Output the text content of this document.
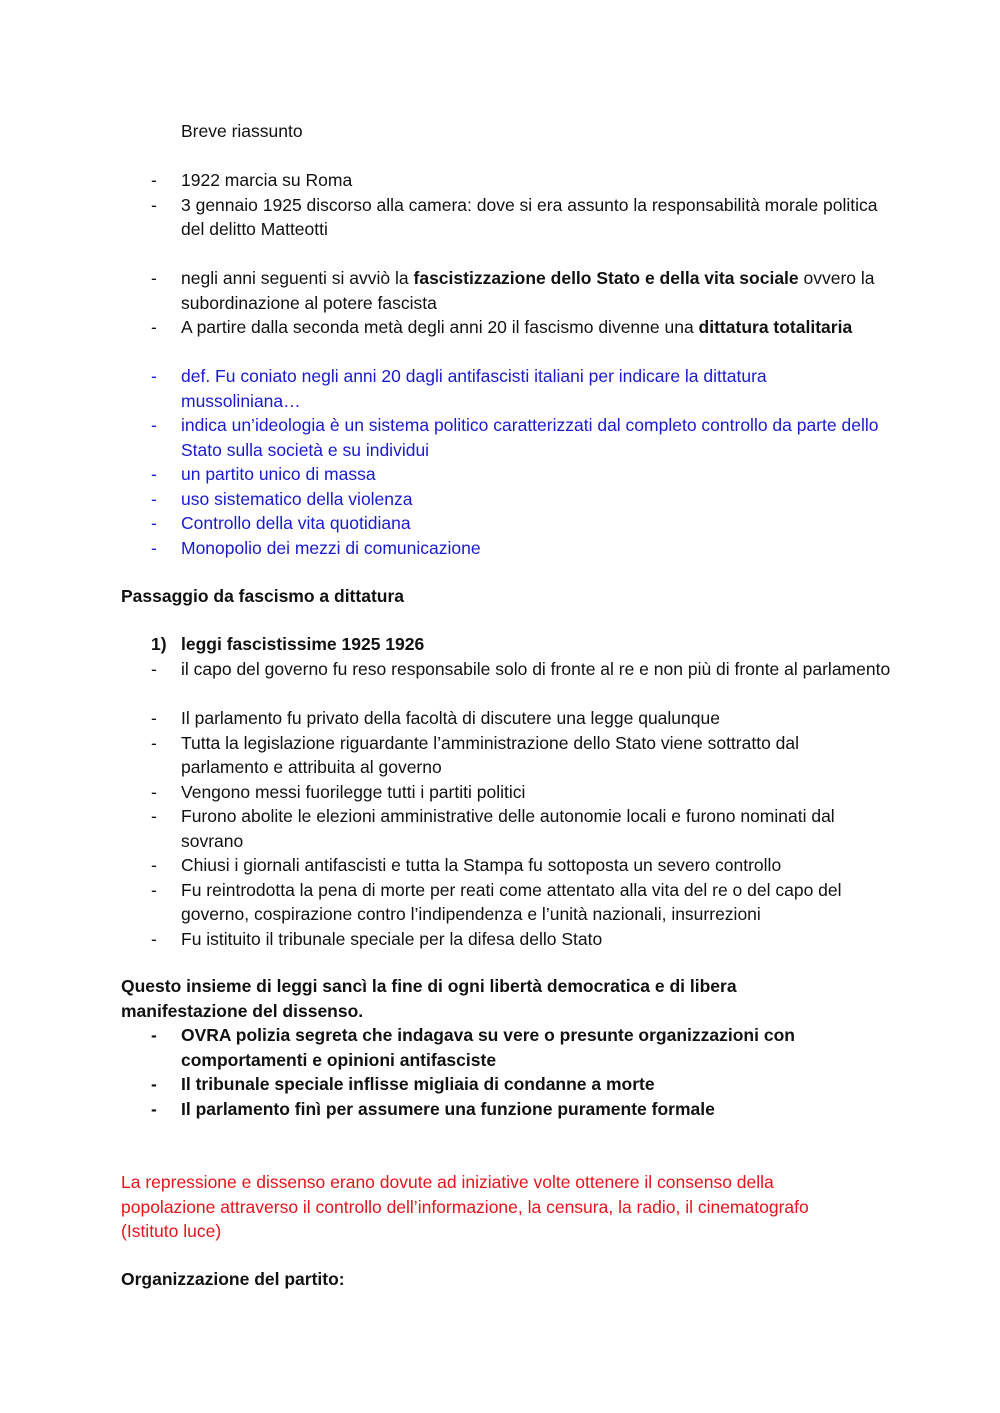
Breve riassunto
- 1922 marcia su Roma
- 3 gennaio 1925 discorso alla camera: dove si era assunto la responsabilità morale politica del delitto Matteotti
- negli anni seguenti si avviò la fascistizzazione dello Stato e della vita sociale ovvero la subordinazione al potere fascista
- A partire dalla seconda metà degli anni 20 il fascismo divenne una dittatura totalitaria
- def. Fu coniato negli anni 20 dagli antifascisti italiani per indicare la dittatura mussoliniana…
- indica un’ideologia è un sistema politico caratterizzati dal completo controllo da parte dello Stato sulla società e su individui
- un partito unico di massa
- uso sistematico della violenza
- Controllo della vita quotidiana
- Monopolio dei mezzi di comunicazione
Passaggio da fascismo a dittatura
1) leggi fascistissime 1925 1926
- il capo del governo fu reso responsabile solo di fronte al re e non più di fronte al parlamento
- Il parlamento fu privato della facoltà di discutere una legge qualunque
- Tutta la legislazione riguardante l’amministrazione dello Stato viene sottratto dal parlamento e attribuita al governo
- Vengono messi fuorilegge tutti i partiti politici
- Furono abolite le elezioni amministrative delle autonomie locali e furono nominati dal sovrano
- Chiusi i giornali antifascisti e tutta la Stampa fu sottoposta un severo controllo
- Fu reintrodotta la pena di morte per reati come attentato alla vita del re o del capo del governo, cospirazione contro l’indipendenza e l’unità nazionali, insurrezioni
- Fu istituito il tribunale speciale per la difesa dello Stato
Questo insieme di leggi sancì la fine di ogni libertà democratica e di libera manifestazione del dissenso.
- OVRA polizia segreta che indagava su vere o presunte organizzazioni con comportamenti e opinioni antifasciste
- Il tribunale speciale inflisse migliaia di condanne a morte
- Il parlamento finì per assumere una funzione puramente formale
La repressione e dissenso erano dovute ad iniziative volte ottenere il consenso della popolazione attraverso il controllo dell’informazione, la censura, la radio, il cinematografo (Istituto luce)
Organizzazione del partito:
